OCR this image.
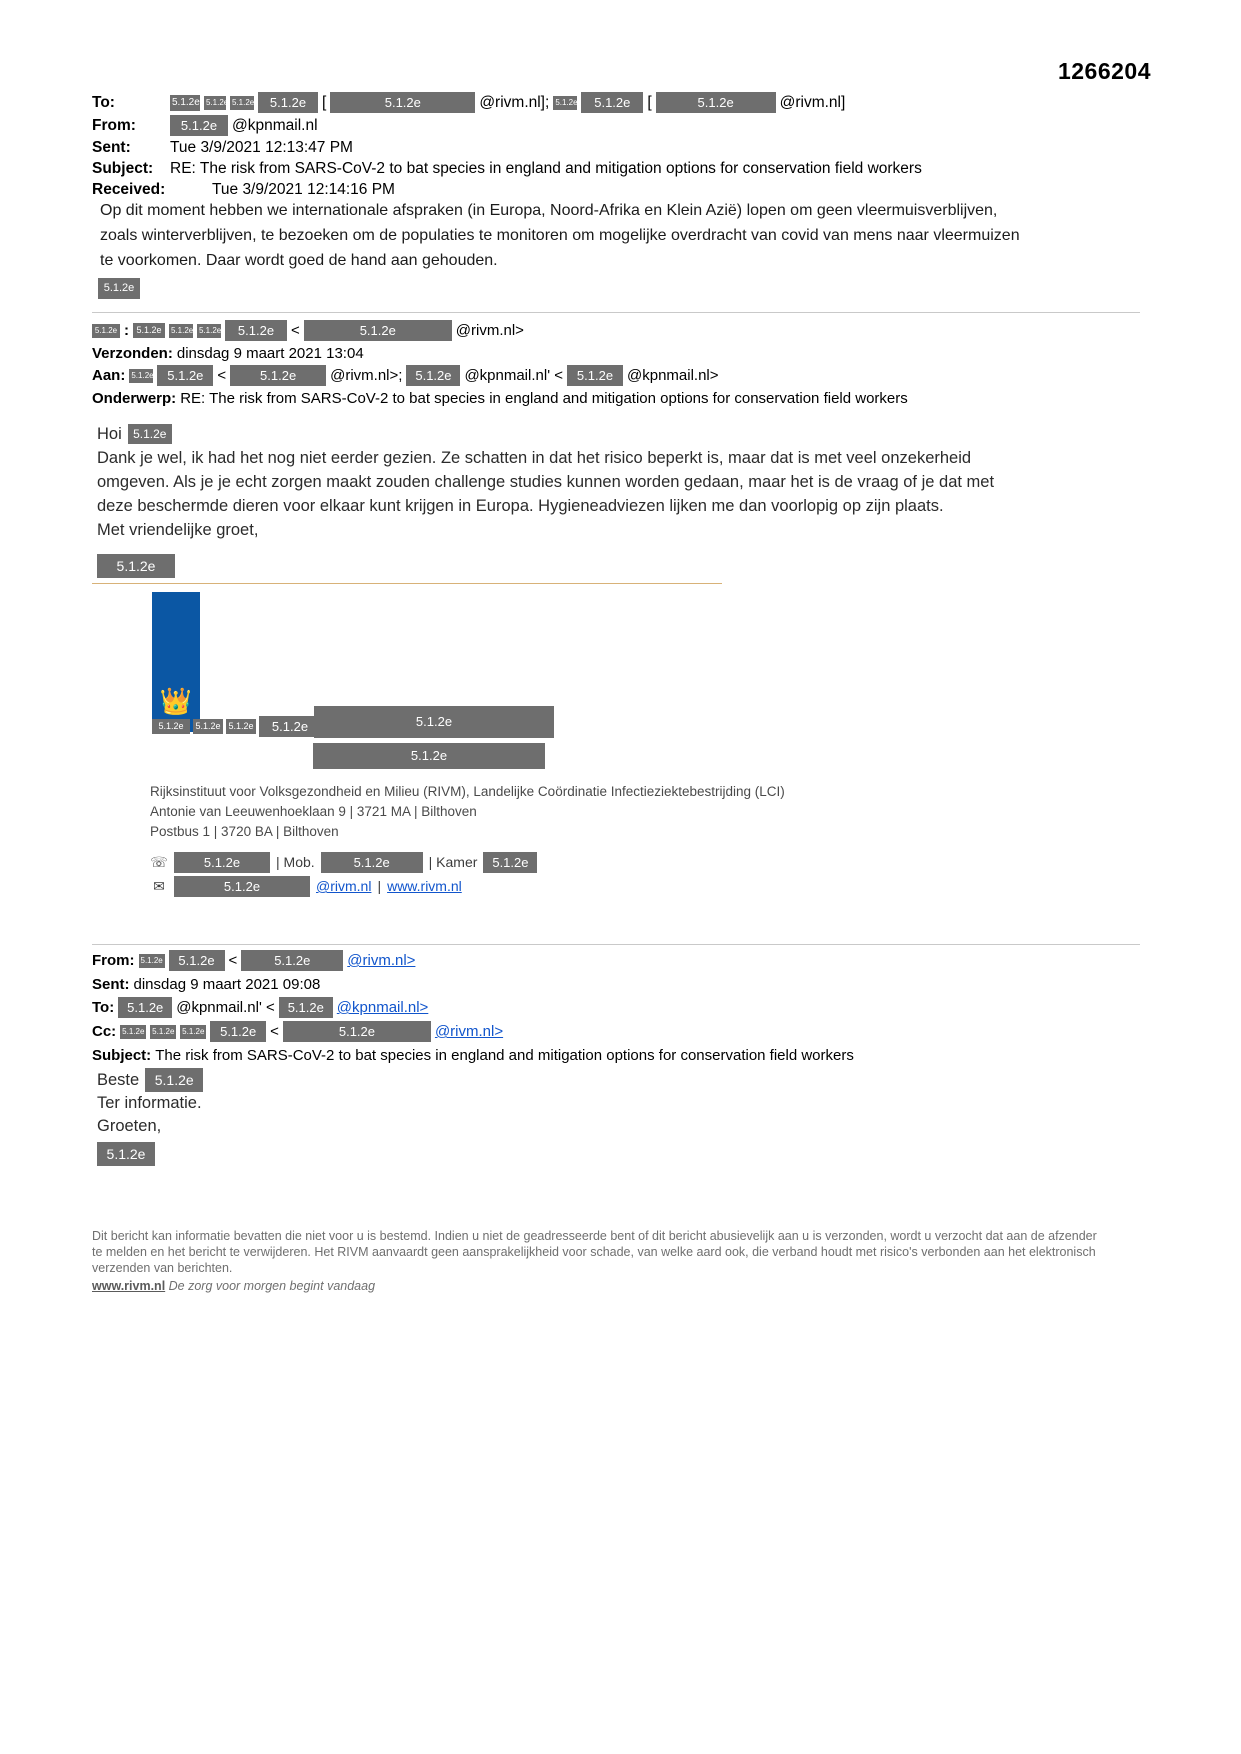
1266204
To:	5.1.2e 5.1.2e 5.1.2e	5.1.2e	[	5.1.2e	@rivm.nl]; 5.1.2e	5.1.2e	[	5.1.2e	@rivm.nl]
From:	5.1.2e @kpnmail.nl
Sent:	Tue 3/9/2021 12:13:47 PM
Subject:	RE: The risk from SARS-CoV-2 to bat species in england and mitigation options for conservation field workers
Received:	Tue 3/9/2021 12:14:16 PM
Op dit moment hebben we internationale afspraken (in Europa, Noord-Afrika en Klein Azië) lopen om geen vleermuisverblijven, zoals winterverblijven, te bezoeken om de populaties te monitoren om mogelijke overdracht van covid van mens naar vleermuizen te voorkomen. Daar wordt goed de hand aan gehouden.
5.1.2e
5.1.2e : 5.1.2e	5.1.2e 5.1.2e	5.1.2e	<	5.1.2e	@rivm.nl>
Verzonden: dinsdag 9 maart 2021 13:04
Aan: 5.1.2e	5.1.2e <	5.1.2e	@rivm.nl>; 5.1.2e @kpnmail.nl' <	5.1.2e @kpnmail.nl>
Onderwerp: RE: The risk from SARS-CoV-2 to bat species in england and mitigation options for conservation field workers
Hoi 5.1.2e
Dank je wel, ik had het nog niet eerder gezien. Ze schatten in dat het risico beperkt is, maar dat is met veel onzekerheid omgeven. Als je je echt zorgen maakt zouden challenge studies kunnen worden gedaan, maar het is de vraag of je dat met deze beschermde dieren voor elkaar kunt krijgen in Europa. Hygieneadviezen lijken me dan voorlopig op zijn plaats.
Met vriendelijke groet,
5.1.2e
👑
5.1.2e	5.1.2e 5.1.2e	5.1.2e	5.1.2e
5.1.2e
Rijksinstituut voor Volksgezondheid en Milieu (RIVM), Landelijke Coördinatie Infectieziektebestrijding (LCI)
Antonie van Leeuwenhoeklaan 9 | 3721 MA | Bilthoven
Postbus 1 | 3720 BA | Bilthoven
☏	5.1.2e	| Mob.	5.1.2e	| Kamer	5.1.2e
✉	5.1.2e	@rivm.nl | www.rivm.nl
From: 5.1.2e	5.1.2e <	5.1.2e	@rivm.nl>
Sent: dinsdag 9 maart 2021 09:08
To: 5.1.2e @kpnmail.nl' < 5.1.2e @kpnmail.nl>
Cc: 5.1.2e 5.1.2e 5.1.2e	5.1.2e <	5.1.2e	@rivm.nl>
Subject: The risk from SARS-CoV-2 to bat species in england and mitigation options for conservation field workers
Beste	5.1.2e
Ter informatie.
Groeten,
5.1.2e
Dit bericht kan informatie bevatten die niet voor u is bestemd. Indien u niet de geadresseerde bent of dit bericht abusievelijk aan u is verzonden, wordt u verzocht dat aan de afzender te melden en het bericht te verwijderen. Het RIVM aanvaardt geen aansprakelijkheid voor schade, van welke aard ook, die verband houdt met risico's verbonden aan het elektronisch verzenden van berichten.
www.rivm.nl De zorg voor morgen begint vandaag
